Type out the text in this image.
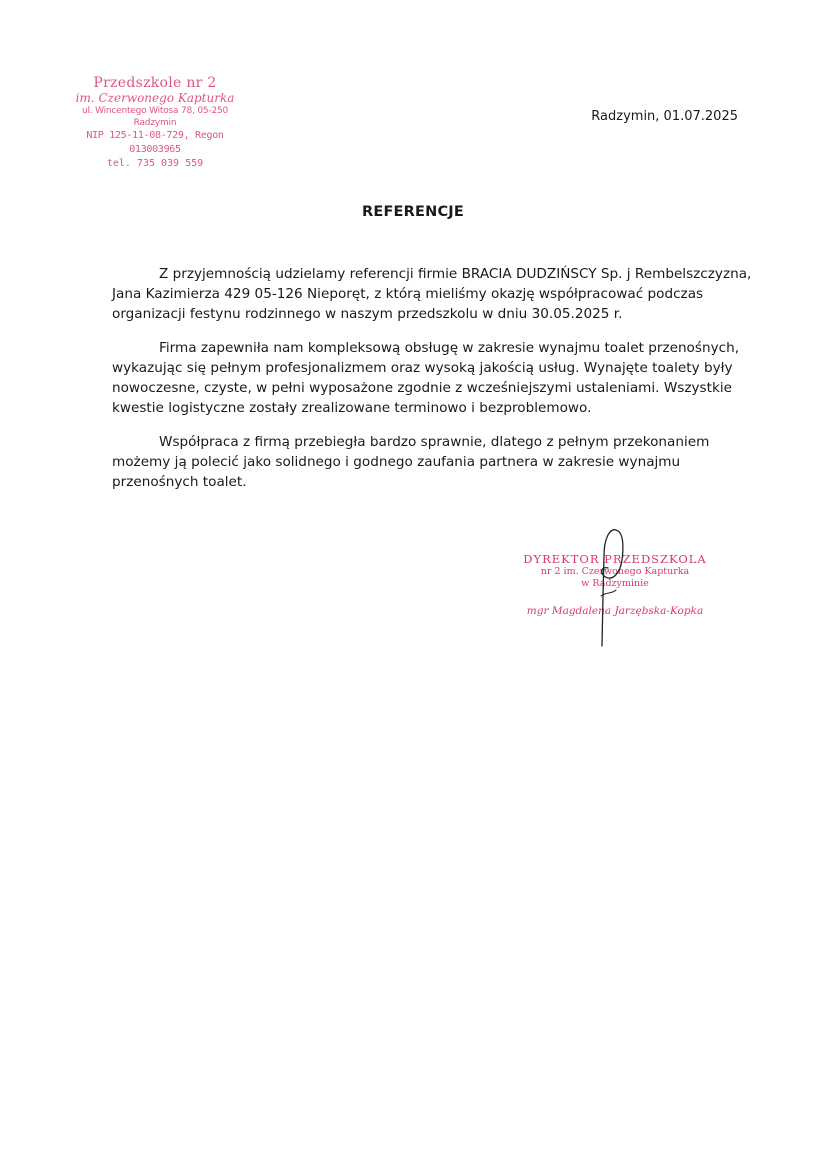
Przedszkole nr 2
im. Czerwonego Kapturka
ul. Wincentego Witosa 78, 05-250 Radzymin
NIP 125-11-08-729, Regon 013003965
tel. 735 039 559
Radzymin, 01.07.2025
REFERENCJE

Z przyjemnością udzielamy referencji firmie BRACIA DUDZIŃSCY Sp. j Rembelszczyzna, Jana Kazimierza 429 05-126 Nieporęt, z którą mieliśmy okazję współpracować podczas organizacji festynu rodzinnego w naszym przedszkolu w dniu 30.05.2025 r.

Firma zapewniła nam kompleksową obsługę w zakresie wynajmu toalet przenośnych, wykazując się pełnym profesjonalizmem oraz wysoką jakością usług. Wynajęte toalety były nowoczesne, czyste, w pełni wyposażone zgodnie z wcześniejszymi ustaleniami. Wszystkie kwestie logistyczne zostały zrealizowane terminowo i bezproblemowo.

Współpraca z firmą przebiegła bardzo sprawnie, dlatego z pełnym przekonaniem możemy ją polecić jako solidnego i godnego zaufania partnera w zakresie wynajmu przenośnych toalet.

DYREKTOR PRZEDSZKOLA
nr 2 im. Czerwonego Kapturka
w Radzyminie
mgr Magdalena Jarzębska-Kopka
